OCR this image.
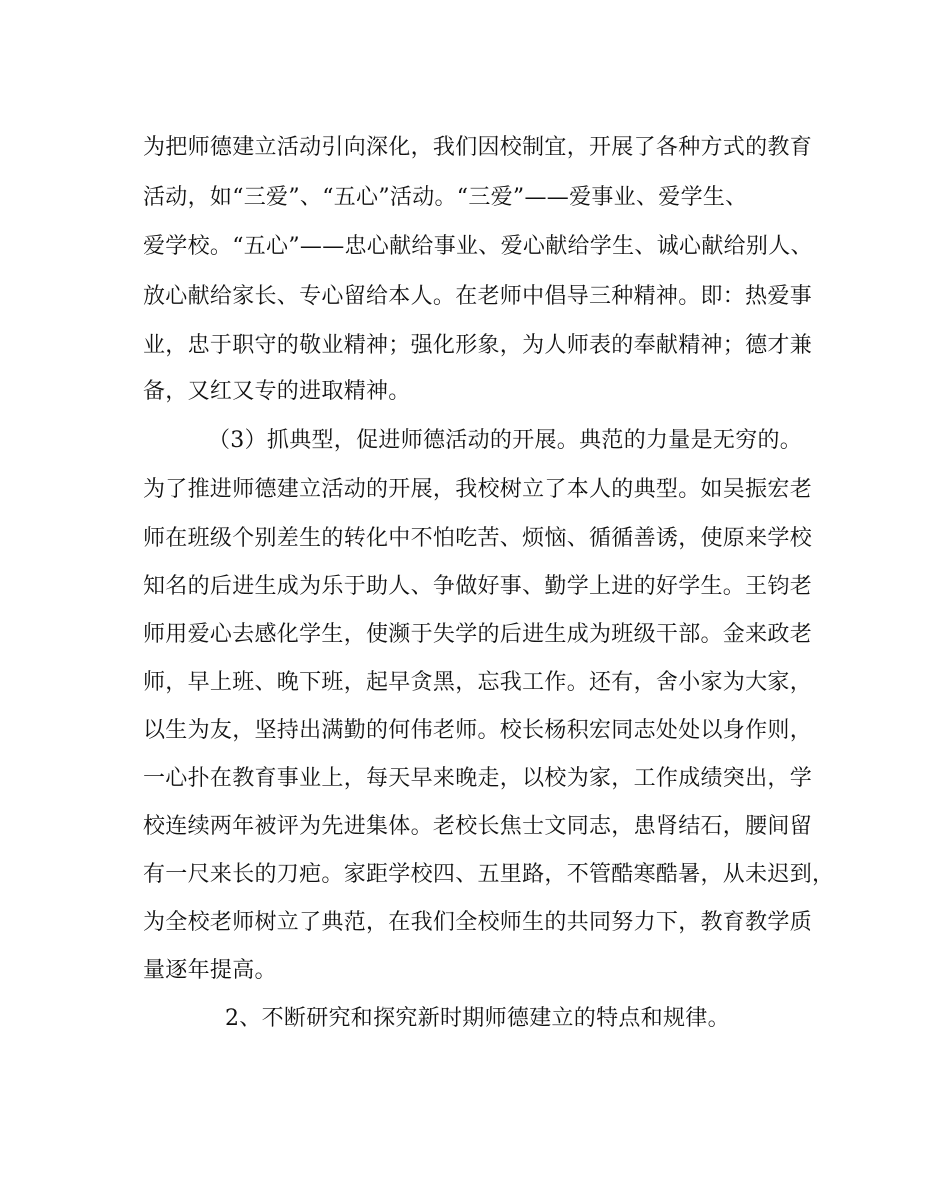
为把师德建立活动引向深化，我们因校制宜，开展了各种方式的教育
活动，如“三爱”、“五心”活动。“三爱”——爱事业、爱学生、
爱学校。“五心”——忠心献给事业、爱心献给学生、诚心献给别人、
放心献给家长、专心留给本人。在老师中倡导三种精神。即：热爱事
业，忠于职守的敬业精神；强化形象，为人师表的奉献精神；德才兼
备，又红又专的进取精神。
（3）抓典型，促进师德活动的开展。典范的力量是无穷的。
为了推进师德建立活动的开展，我校树立了本人的典型。如吴振宏老
师在班级个别差生的转化中不怕吃苦、烦恼、循循善诱，使原来学校
知名的后进生成为乐于助人、争做好事、勤学上进的好学生。王钧老
师用爱心去感化学生，使濒于失学的后进生成为班级干部。金来政老
师，早上班、晚下班，起早贪黑，忘我工作。还有，舍小家为大家，
以生为友，坚持出满勤的何伟老师。校长杨积宏同志处处以身作则，
一心扑在教育事业上，每天早来晚走，以校为家，工作成绩突出，学
校连续两年被评为先进集体。老校长焦士文同志，患肾结石，腰间留
有一尺来长的刀疤。家距学校四、五里路，不管酷寒酷暑，从未迟到，
为全校老师树立了典范，在我们全校师生的共同努力下，教育教学质
量逐年提高。
2、不断研究和探究新时期师德建立的特点和规律。
